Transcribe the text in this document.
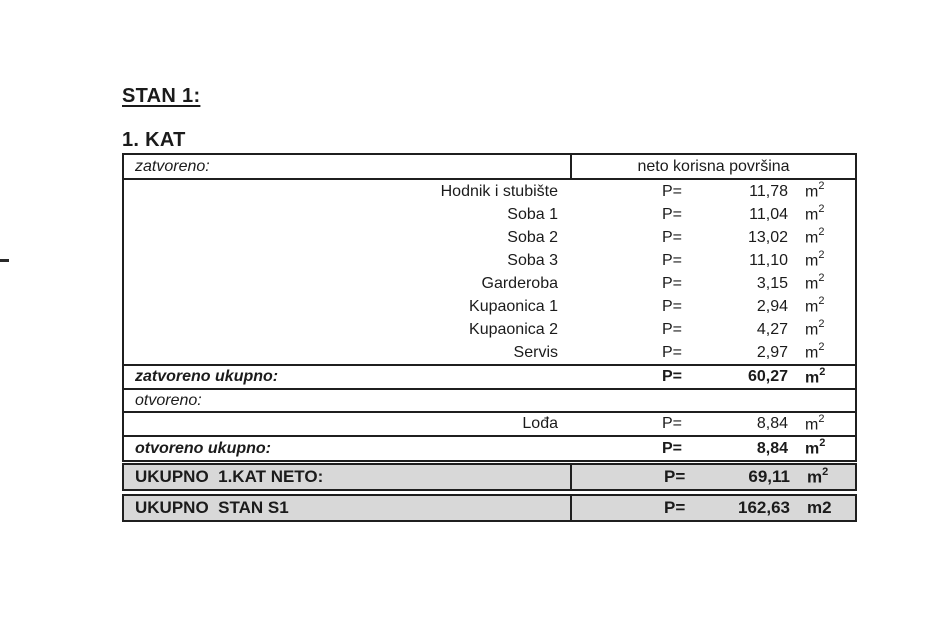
STAN 1:
1. KAT
zatvoreno:	neto korisna površina
Hodnik i stubište	P=	11,78 $m^2$
Soba 1	P=	11,04 $m^2$
Soba 2	P=	13,02 $m^2$
Soba 3	P=	11,10 $m^2$
Garderoba	P=	3,15 $m^2$
Kupaonica 1	P=	2,94 $m^2$
Kupaonica 2	P=	4,27 $m^2$
Servis	P=	2,97 $m^2$
zatvoreno ukupno:	P=	60,27 $m^2$
otvoreno:
Lođa	P=	8,84 $m^2$
otvoreno ukupno:	P=	8,84 $m^2$
UKUPNO  1.KAT NETO:	P=	69,11 $m^2$
UKUPNO  STAN S1	P=	162,63 m2
